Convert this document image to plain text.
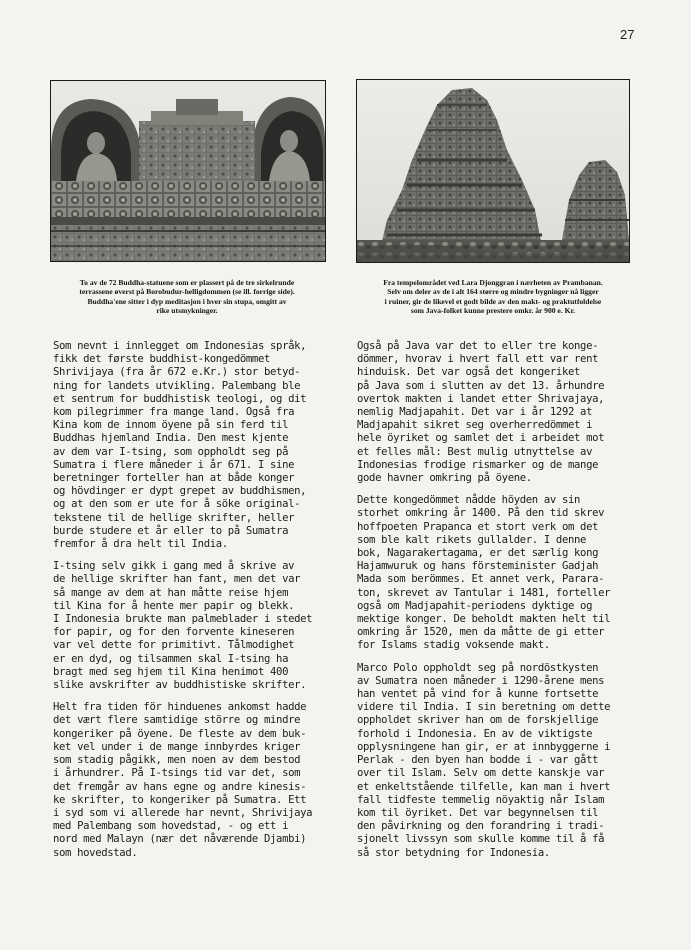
27
To av de 72 Buddha-statuene som er plassert på de tre sirkelrunde
terrassene øverst på Borobudur-helligdommen (se ill. forrige side).
Buddha'ene sitter i dyp meditasjon i hver sin stupa, omgitt av
rike utsmykninger.
Fra tempelområdet ved Lara Djonggran i nærheten av Prambanan.
Selv om deler av de i alt 164 større og mindre bygninger nå ligger
i ruiner, gir de likevel et godt bilde av den makt- og praktutfoldelse
som Java-folket kunne prestere omkr. år 900 e. Kr.
Som nevnt i innlegget om Indonesias språk,
fikk det første buddhist-kongedömmet
Shrivijaya (fra år 672 e.Kr.) stor betyd-
ning for landets utvikling. Palembang ble
et sentrum for buddhistisk teologi, og dit
kom pilegrimmer fra mange land. Også fra
Kina kom de innom öyene på sin ferd til
Buddhas hjemland India. Den mest kjente
av dem var I-tsing, som oppholdt seg på
Sumatra i flere måneder i år 671. I sine
beretninger forteller han at både konger
og hövdinger er dypt grepet av buddhismen,
og at den som er ute for å söke original-
tekstene til de hellige skrifter, heller
burde studere et år eller to på Sumatra
fremfor å dra helt til India.
I-tsing selv gikk i gang med å skrive av
de hellige skrifter han fant, men det var
så mange av dem at han måtte reise hjem
til Kina for å hente mer papir og blekk.
I Indonesia brukte man palmeblader i stedet
for papir, og for den forvente kineseren
var vel dette for primitivt. Tålmodighet
er en dyd, og tilsammen skal I-tsing ha
bragt med seg hjem til Kina henimot 400
slike avskrifter av buddhistiske skrifter.
Helt fra tiden för hinduenes ankomst hadde
det vært flere samtidige större og mindre
kongeriker på öyene. De fleste av dem buk-
ket vel under i de mange innbyrdes kriger
som stadig pågikk, men noen av dem bestod
i århundrer. På I-tsings tid var det, som
det fremgår av hans egne og andre kinesis-
ke skrifter, to kongeriker på Sumatra. Ett
i syd som vi allerede har nevnt, Shrivijaya
med Palembang som hovedstad, - og ett i
nord med Malayn (nær det nåværende Djambi)
som hovedstad.
Også på Java var det to eller tre konge-
dömmer, hvorav i hvert fall ett var rent
hinduisk. Det var også det kongeriket
på Java som i slutten av det 13. århundre
overtok makten i landet etter Shrivajaya,
nemlig Madjapahit. Det var i år 1292 at
Madjapahit sikret seg overherredömmet i
hele öyriket og samlet det i arbeidet mot
et felles mål: Best mulig utnyttelse av
Indonesias frodige rismarker og de mange
gode havner omkring på öyene.
Dette kongedömmet nådde höyden av sin
storhet omkring år 1400. På den tid skrev
hoffpoeten Prapanca et stort verk om det
som ble kalt rikets gullalder. I denne
bok, Nagarakertagama, er det særlig kong
Hajamwuruk og hans försteminister Gadjah
Mada som berömmes. Et annet verk, Parara-
ton, skrevet av Tantular i 1481, forteller
også om Madjapahit-periodens dyktige og
mektige konger. De beholdt makten helt til
omkring år 1520, men da måtte de gi etter
for Islams stadig voksende makt.
Marco Polo oppholdt seg på nordöstkysten
av Sumatra noen måneder i 1290-årene mens
han ventet på vind for å kunne fortsette
videre til India. I sin beretning om dette
oppholdet skriver han om de forskjellige
forhold i Indonesia. En av de viktigste
opplysningene han gir, er at innbyggerne i
Perlak - den byen han bodde i - var gått
over til Islam. Selv om dette kanskje var
et enkeltstående tilfelle, kan man i hvert
fall tidfeste temmelig nöyaktig når Islam
kom til öyriket. Det var begynnelsen til
den påvirkning og den forandring i tradi-
sjonelt livssyn som skulle komme til å få
så stor betydning for Indonesia.
